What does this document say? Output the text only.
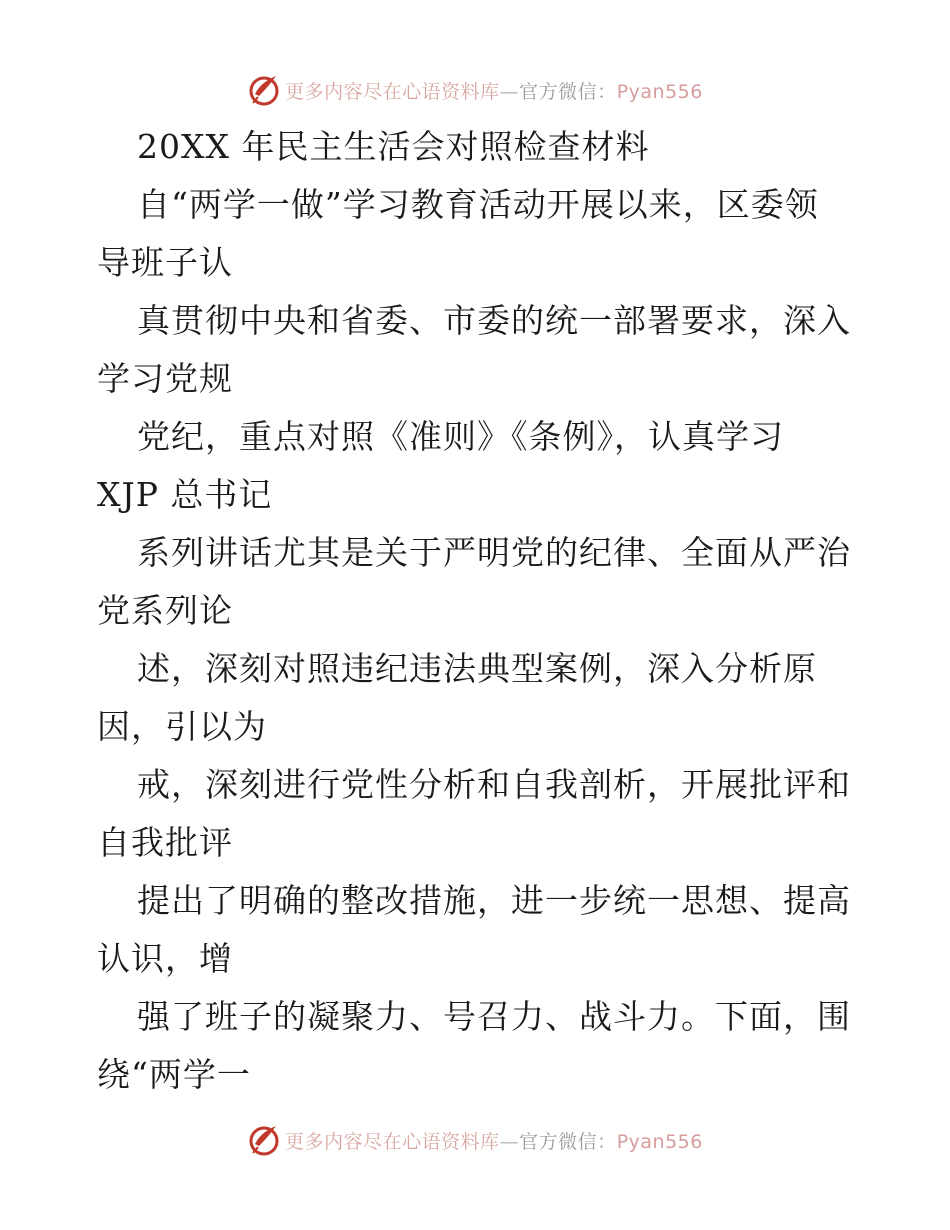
更多内容尽在心语资料库—官方微信：Pyan556
20XX 年民主生活会对照检查材料
自“两学一做”学习教育活动开展以来，区委领
导班子认
真贯彻中央和省委、市委的统一部署要求，深入
学习党规
党纪，重点对照《准则》《条例》，认真学习
XJP 总书记
系列讲话尤其是关于严明党的纪律、全面从严治
党系列论
述，深刻对照违纪违法典型案例，深入分析原
因，引以为
戒，深刻进行党性分析和自我剖析，开展批评和
自我批评
提出了明确的整改措施，进一步统一思想、提高
认识，增
强了班子的凝聚力、号召力、战斗力。下面，围
绕“两学一
更多内容尽在心语资料库—官方微信：Pyan556
